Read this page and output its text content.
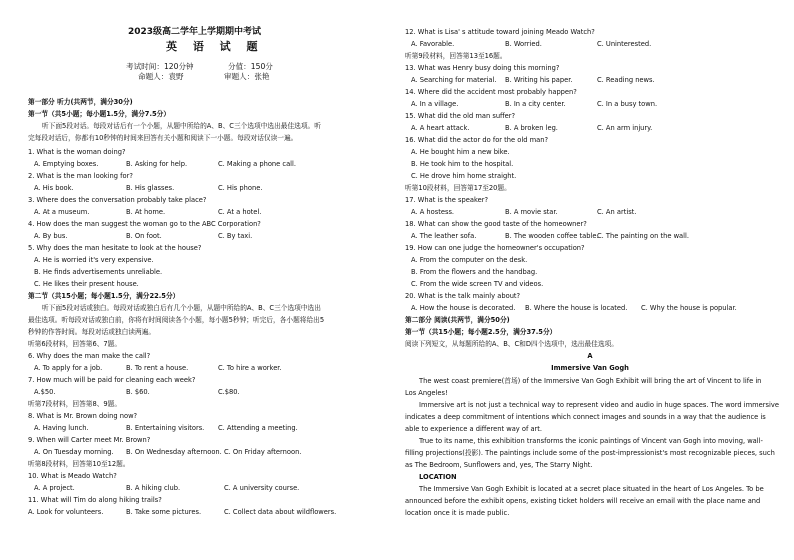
2023级高二学年上学期期中考试
英 语 试 题
考试时间：120分钟	分值：150分
命题人：袁野	审题人：张艳
第一部分 听力(共两节，满分30分)
第一节（共5小题；每小题1.5分，满分7.5分）
听下面5段对话。每段对话后有一个小题，从题中所给的A、B、C三个选项中选出最佳选项。听
完每段对话后，你都有10秒钟的时间来回答有关小题和阅读下一小题。每段对话仅读一遍。
1. What is the woman doing?
A. Emptying boxes.	B. Asking for help.	C. Making a phone call.
2. What is the man looking for?
A. His book.	B. His glasses.	C. His phone.
3. Where does the conversation probably take place?
A. At a museum.	B. At home.	C. At a hotel.
4. How does the man suggest the woman go to the ABC Corporation?
A. By bus.	B. On foot.	C. By taxi.
5. Why does the man hesitate to look at the house?
A. He is worried it's very expensive.
B. He finds advertisements unreliable.
C. He likes their present house.
第二节（共15小题；每小题1.5分，满分22.5分）
听下面5段对话或独白。每段对话或独白后有几个小题，从题中所给的A、B、C三个选项中选出
最佳选项。听每段对话或独白前，你将有时间阅读各个小题，每小题5秒钟；听完后，各小题将给出5
秒钟的作答时间。每段对话或独白读两遍。
听第6段材料，回答第6、7题。
6. Why does the man make the call?
A. To apply for a job.	B. To rent a house.	C. To hire a worker.
7. How much will be paid for cleaning each week?
A.$50.	B. $60.	C.$80.
听第7段材料，回答第8、9题。
8. What is Mr. Brown doing now?
A. Having lunch.	B. Entertaining visitors. C. Attending a meeting.
9. When will Carter meet Mr. Brown?
A. On Tuesday morning. B. On Wednesday afternoon. C. On Friday afternoon.
听第8段材料，回答第10至12题。
10. What is Meado Watch?
A. A project.	B. A hiking club.	C. A university course.
11. What will Tim do along hiking trails?
A. Look for volunteers.	B. Take some pictures.	C. Collect data about wildflowers.
12. What is Lisa' s attitude toward joining Meado Watch?
A. Favorable.	B. Worried.	C. Uninterested.
听第9段材料，回答第13至16题。
13. What was Henry busy doing this morning?
A. Searching for material. B. Writing his paper.	C. Reading news.
14. Where did the accident most probably happen?
A. In a village.	B. In a city center.	C. In a busy town.
15. What did the old man suffer?
A. A heart attack.	B. A broken leg.	C. An arm injury.
16. What did the actor do for the old man?
A. He bought him a new bike.
B. He took him to the hospital.
C. He drove him home straight.
听第10段材料，回答第17至20题。
17. What is the speaker?
A. A hostess.	B. A movie star.	C. An artist.
18. What can show the good taste of the homeowner?
A. The leather sofa.	B. The wooden coffee table.
C. The painting on the wall.
19. How can one judge the homeowner's occupation?
A. From the computer on the desk.
B. From the flowers and the handbag.
C. From the wide screen TV and videos.
20. What is the talk mainly about?
A. How the house is decorated. B. Where the house is located. C. Why the house is popular.
第二部分 阅读(共两节，满分50分)
第一节（共15小题；每小题2.5分，满分37.5分）
阅读下列短文，从每题所给的A、B、C和D四个选项中，选出最佳选项。
A
Immersive Van Gogh
The west coast premiere(首场) of the Immersive Van Gogh Exhibit will bring the art of Vincent to life in
Los Angeles!
Immersive art is not just a technical way to represent video and audio in huge spaces. The word immersive
indicates a deep commitment of intentions which connect images and sounds in a way that the audience is
able to experience a different way of art.
True to its name, this exhibition transforms the iconic paintings of Vincent van Gogh into moving, wall-
filling projections(投影). The paintings include some of the post-impressionist's most recognizable pieces, such
as The Bedroom, Sunflowers and, yes, The Starry Night.
LOCATION
The Immersive Van Gogh Exhibit is located at a secret place situated in the heart of Los Angeles. To be
announced before the exhibit opens, existing ticket holders will receive an email with the place name and
location once it is made public.
